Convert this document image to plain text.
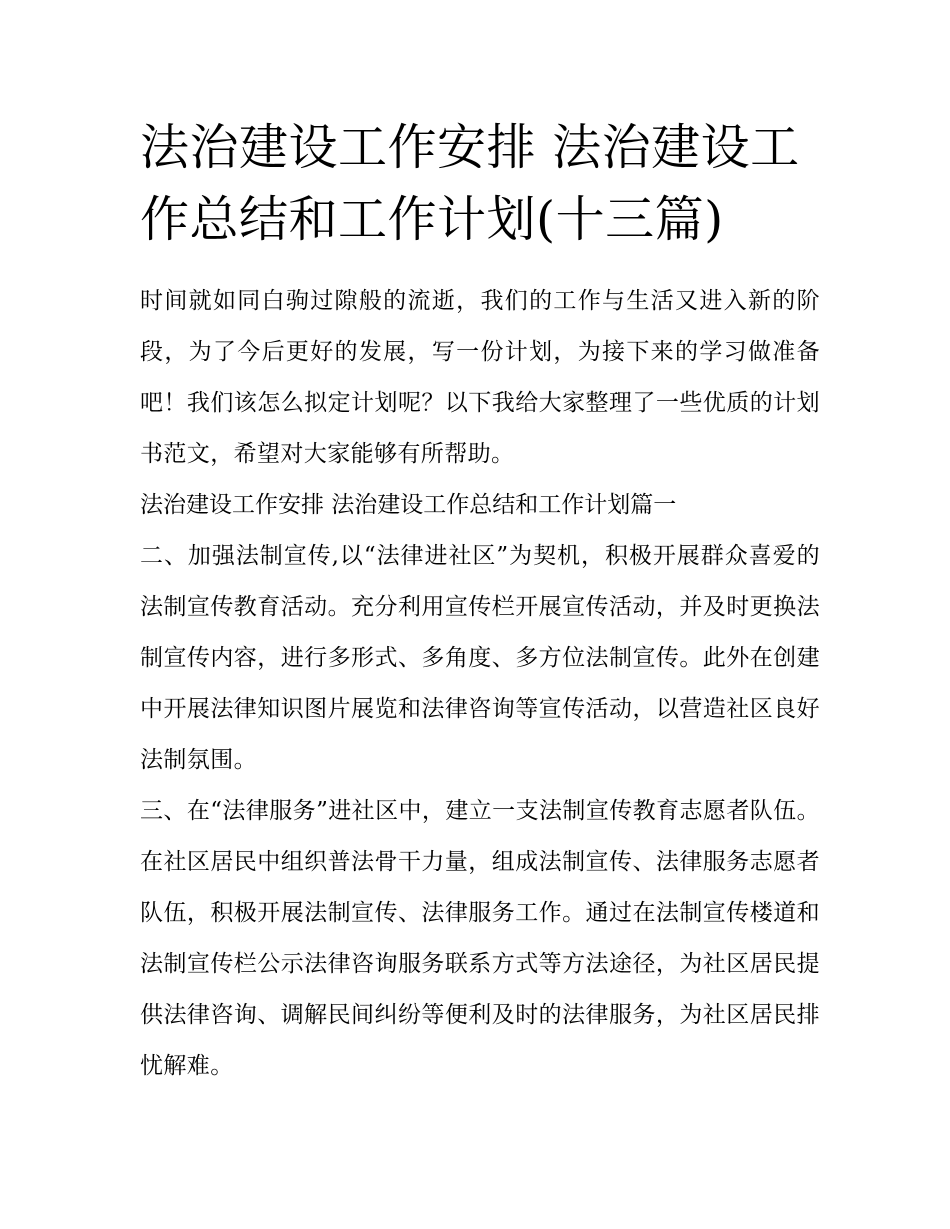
法治建设工作安排 法治建设工作总结和工作计划(十三篇)

时间就如同白驹过隙般的流逝，我们的工作与生活又进入新的阶段，为了今后更好的发展，写一份计划，为接下来的学习做准备吧！我们该怎么拟定计划呢？以下我给大家整理了一些优质的计划书范文，希望对大家能够有所帮助。

法治建设工作安排 法治建设工作总结和工作计划篇一

二、加强法制宣传,以“法律进社区”为契机，积极开展群众喜爱的法制宣传教育活动。充分利用宣传栏开展宣传活动，并及时更换法制宣传内容，进行多形式、多角度、多方位法制宣传。此外在创建中开展法律知识图片展览和法律咨询等宣传活动，以营造社区良好法制氛围。

三、在“法律服务”进社区中，建立一支法制宣传教育志愿者队伍。在社区居民中组织普法骨干力量，组成法制宣传、法律服务志愿者队伍，积极开展法制宣传、法律服务工作。通过在法制宣传楼道和法制宣传栏公示法律咨询服务联系方式等方法途径，为社区居民提供法律咨询、调解民间纠纷等便利及时的法律服务，为社区居民排忧解难。
